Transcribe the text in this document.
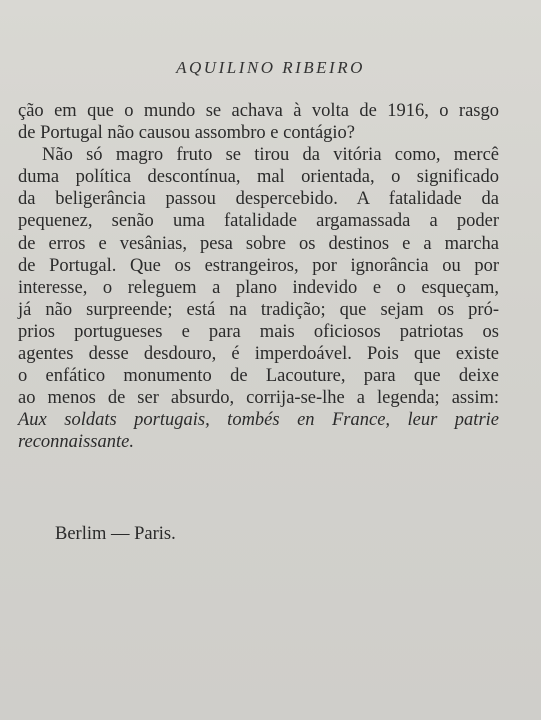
AQUILINO RIBEIRO
ção em que o mundo se achava à volta de 1916, o rasgo
de Portugal não causou assombro e contágio?
Não só magro fruto se tirou da vitória como, mercê
duma política descontínua, mal orientada, o significado
da beligerância passou despercebido. A fatalidade da
pequenez, senão uma fatalidade argamassada a poder
de erros e vesânias, pesa sobre os destinos e a marcha
de Portugal. Que os estrangeiros, por ignorância ou por
interesse, o releguem a plano indevido e o esqueçam,
já não surpreende; está na tradição; que sejam os pró-
prios portugueses e para mais oficiosos patriotas os
agentes desse desdouro, é imperdoável. Pois que existe
o enfático monumento de Lacouture, para que deixe
ao menos de ser absurdo, corrija-se-lhe a legenda; assim:
Aux soldats portugais, tombés en France, leur patrie
reconnaissante.
Berlim — Paris.
